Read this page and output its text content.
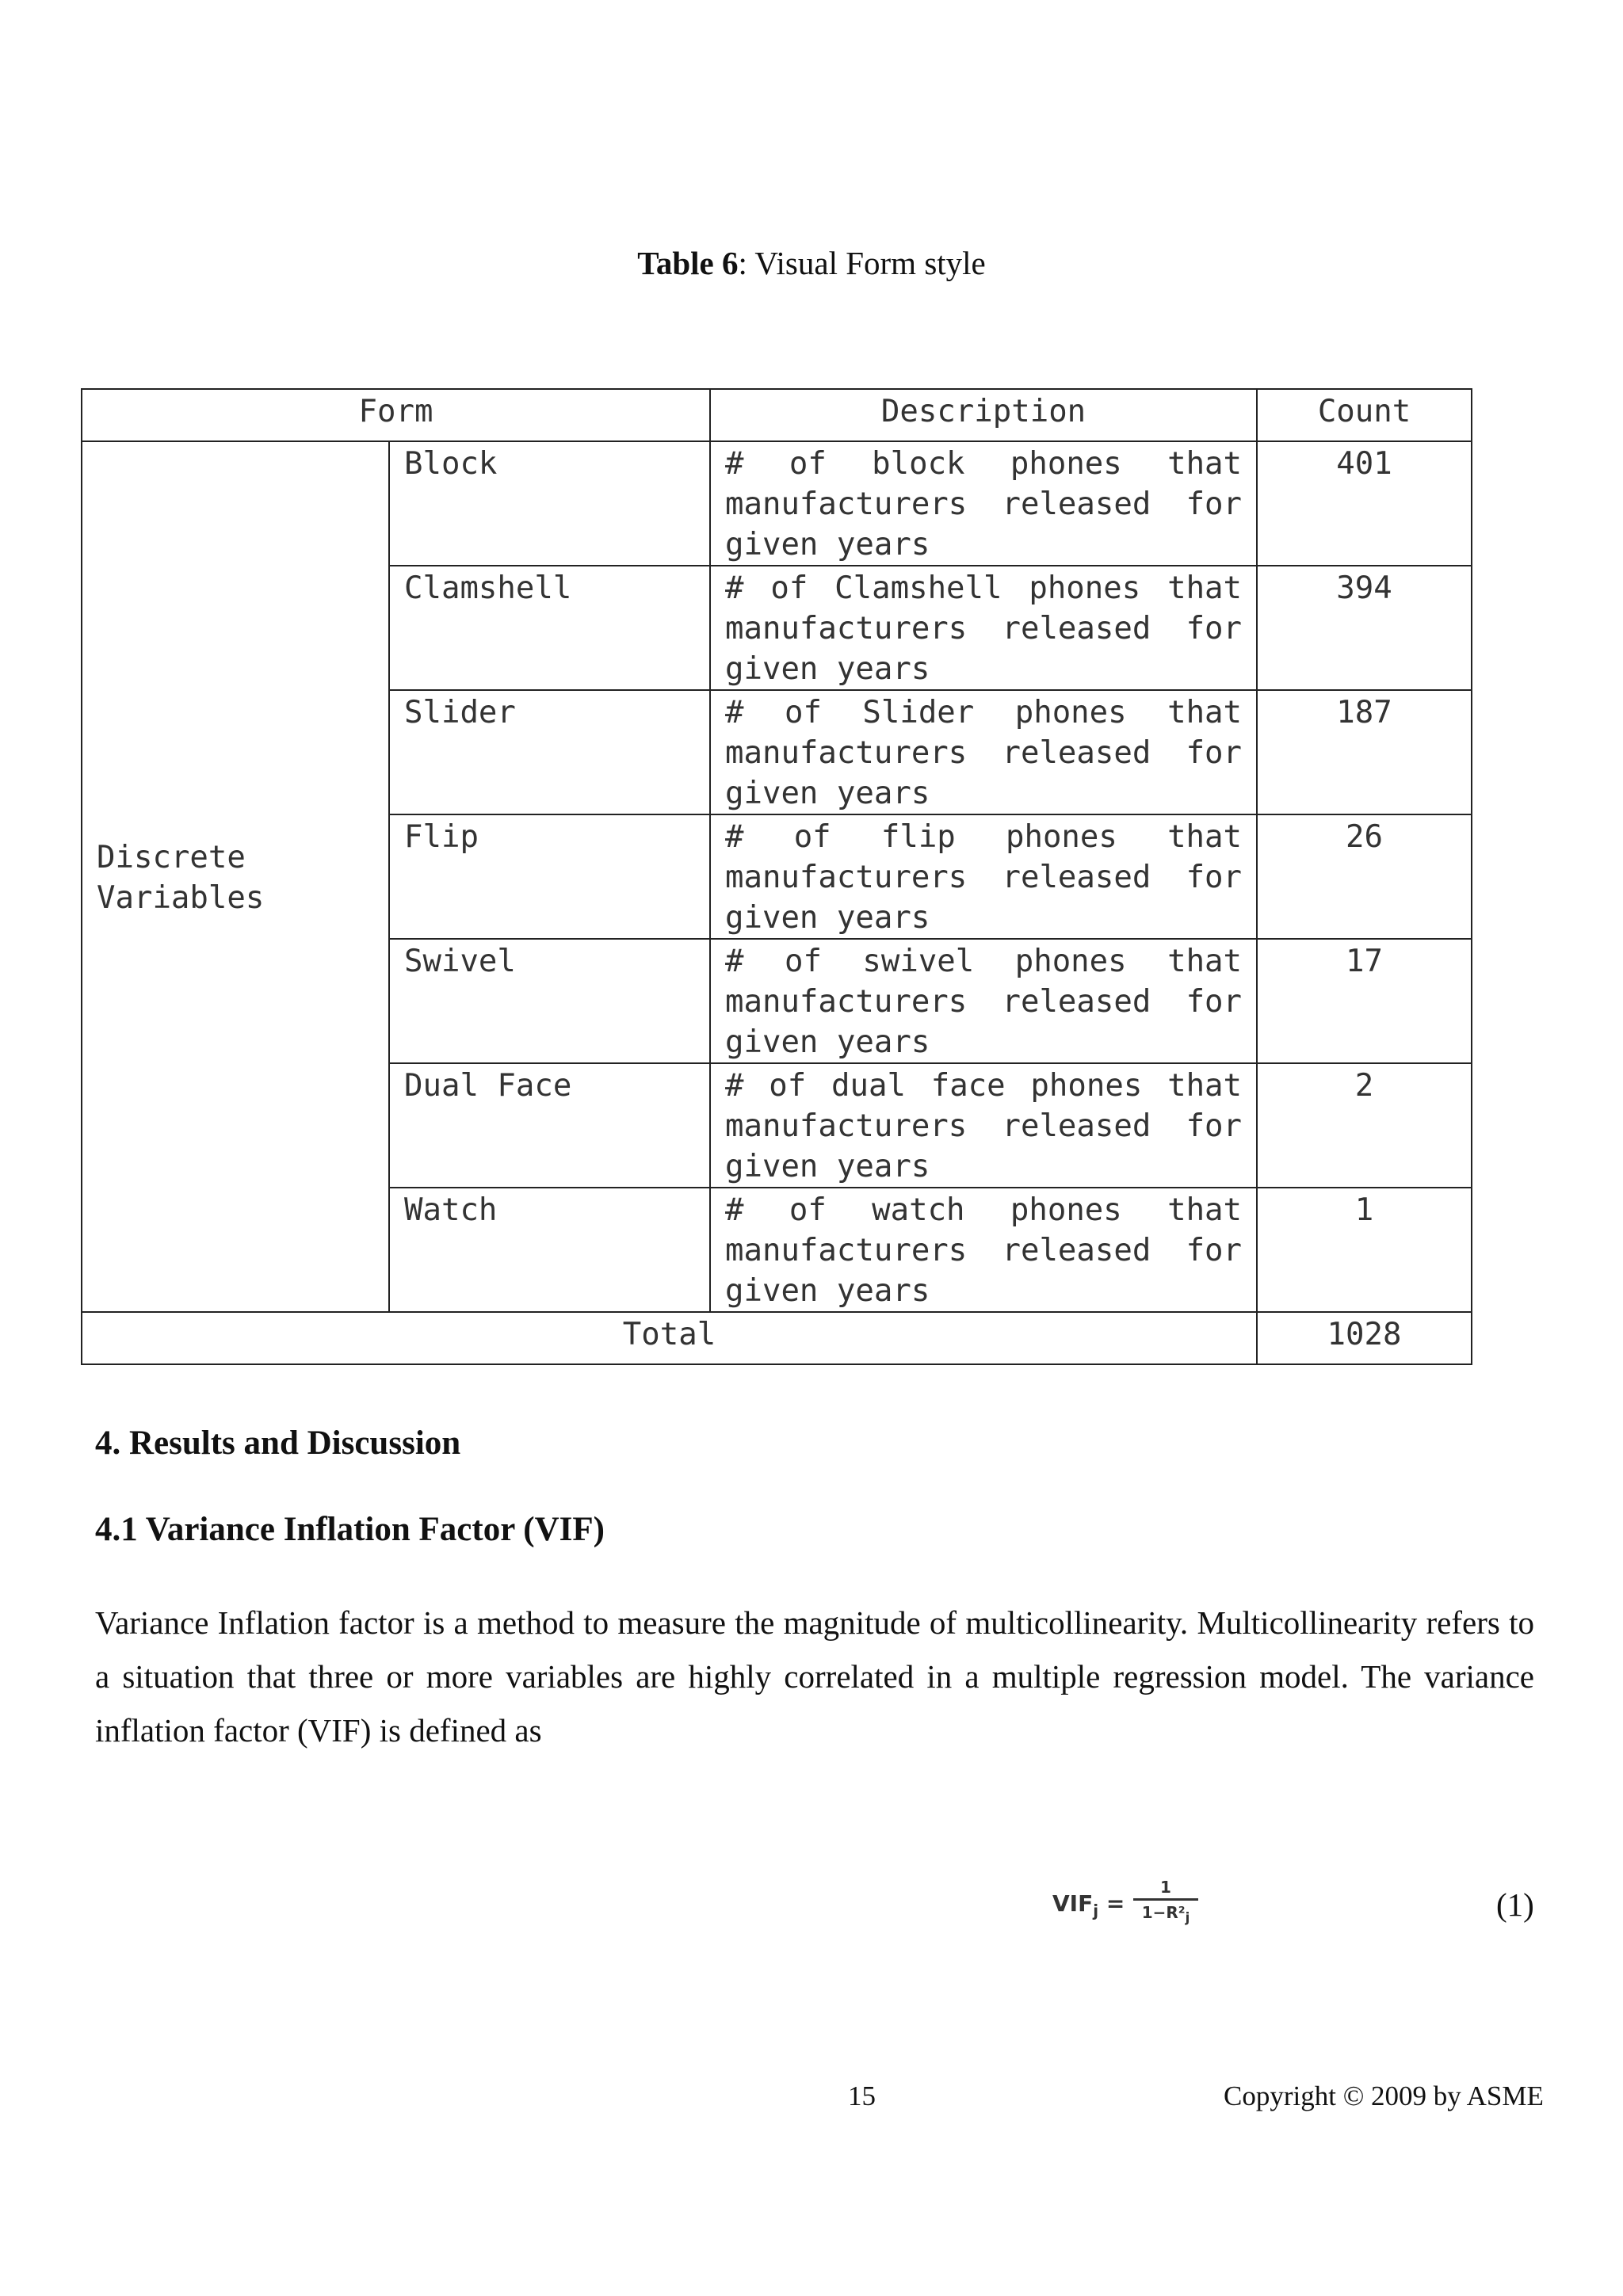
Table 6: Visual Form style
Form		Description	Count
Discrete Variables	Block	# of block phones that manufacturers released for given years	401
	Clamshell	# of Clamshell phones that manufacturers released for given years	394
	Slider	# of Slider phones that manufacturers released for given years	187
	Flip	# of flip phones that manufacturers released for given years	26
	Swivel	# of swivel phones that manufacturers released for given years	17
	Dual Face	# of dual face phones that manufacturers released for given years	2
	Watch	# of watch phones that manufacturers released for given years	1
Total			1028
4. Results and Discussion
4.1 Variance Inflation Factor (VIF)
Variance Inflation factor is a method to measure the magnitude of multicollinearity. Multicollinearity refers to a situation that three or more variables are highly correlated in a multiple regression model. The variance inflation factor (VIF) is defined as
$VIF_j$ =
1
$1-R^2_j$	(1)
15	Copyright © 2009 by ASME
